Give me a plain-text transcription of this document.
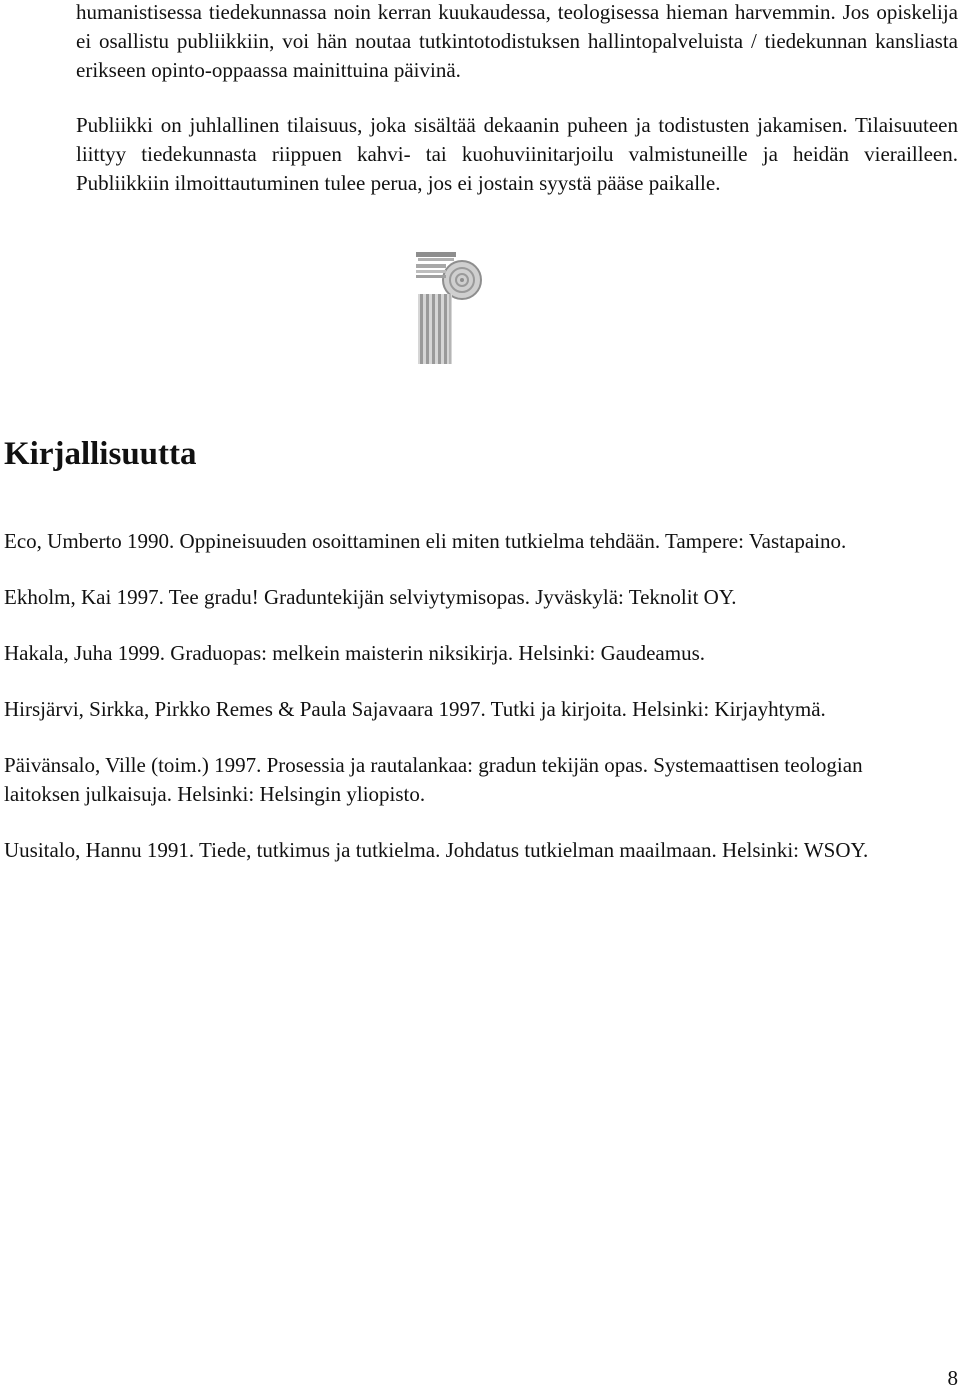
humanistisessa tiedekunnassa noin kerran kuukaudessa, teologisessa hieman harvemmin. Jos opiskelija ei osallistu publiikkiin, voi hän noutaa tutkintotodistuksen hallintopalveluista / tiedekunnan kansliasta erikseen opinto-oppaassa mainittuina päivinä.

Publiikki on juhlallinen tilaisuus, joka sisältää dekaanin puheen ja todistusten jakamisen. Tilaisuuteen liittyy tiedekunnasta riippuen kahvi- tai kuohuviinitarjoilu valmistuneille ja heidän vierailleen. Publiikkiin ilmoittautuminen tulee perua, jos ei jostain syystä pääse paikalle.

Kirjallisuutta

Eco, Umberto 1990. Oppineisuuden osoittaminen eli miten tutkielma tehdään. Tampere: Vastapaino.

Ekholm, Kai 1997. Tee gradu! Graduntekijän selviytymisopas. Jyväskylä: Teknolit OY.

Hakala, Juha 1999. Graduopas: melkein maisterin niksikirja. Helsinki: Gaudeamus.

Hirsjärvi, Sirkka, Pirkko Remes & Paula Sajavaara 1997. Tutki ja kirjoita. Helsinki: Kirjayhtymä.

Päivänsalo, Ville (toim.) 1997. Prosessia ja rautalankaa: gradun tekijän opas. Systemaattisen teologian laitoksen julkaisuja. Helsinki: Helsingin yliopisto.

Uusitalo, Hannu 1991. Tiede, tutkimus ja tutkielma. Johdatus tutkielman maailmaan. Helsinki: WSOY.

8
